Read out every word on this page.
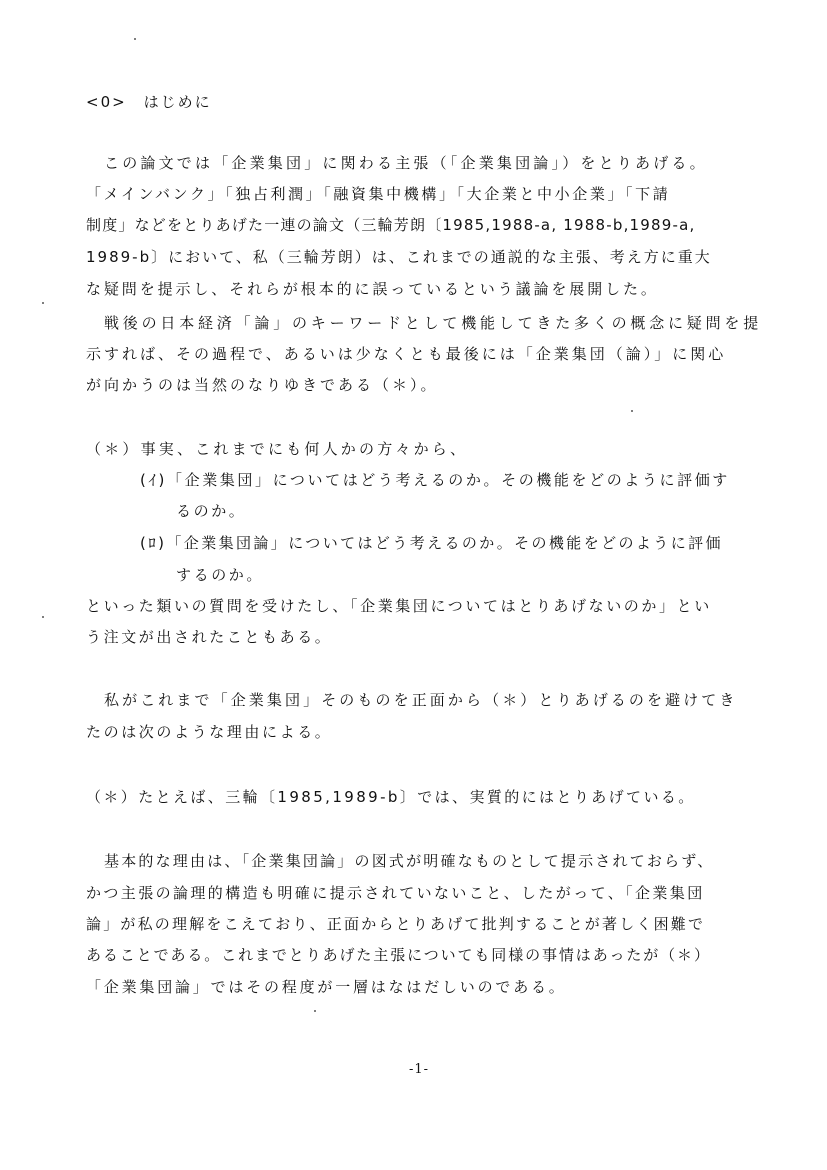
<0>　はじめに
この論文では「企業集団」に関わる主張（「企業集団論」）をとりあげる。
「メインバンク」「独占利潤」「融資集中機構」「大企業と中小企業」「下請
制度」などをとりあげた一連の論文（三輪芳朗〔1985,1988-a, 1988-b,1989-a,
1989-b〕において、私（三輪芳朗）は、これまでの通説的な主張、考え方に重大
な疑問を提示し、それらが根本的に誤っているという議論を展開した。
戦後の日本経済「論」のキーワードとして機能してきた多くの概念に疑問を提
示すれば、その過程で、あるいは少なくとも最後には「企業集団（論）」に関心
が向かうのは当然のなりゆきである（＊）。
（＊）事実、これまでにも何人かの方々から、
(ｲ)「企業集団」についてはどう考えるのか。その機能をどのように評価す
るのか。
(ﾛ)「企業集団論」についてはどう考えるのか。その機能をどのように評価
するのか。
といった類いの質問を受けたし、「企業集団についてはとりあげないのか」とい
う注文が出されたこともある。
私がこれまで「企業集団」そのものを正面から（＊）とりあげるのを避けてき
たのは次のような理由による。
（＊）たとえば、三輪〔1985,1989-b〕では、実質的にはとりあげている。
基本的な理由は、「企業集団論」の図式が明確なものとして提示されておらず、
かつ主張の論理的構造も明確に提示されていないこと、したがって、「企業集団
論」が私の理解をこえており、正面からとりあげて批判することが著しく困難で
あることである。これまでとりあげた主張についても同様の事情はあったが（＊）
「企業集団論」ではその程度が一層はなはだしいのである。
-1-
